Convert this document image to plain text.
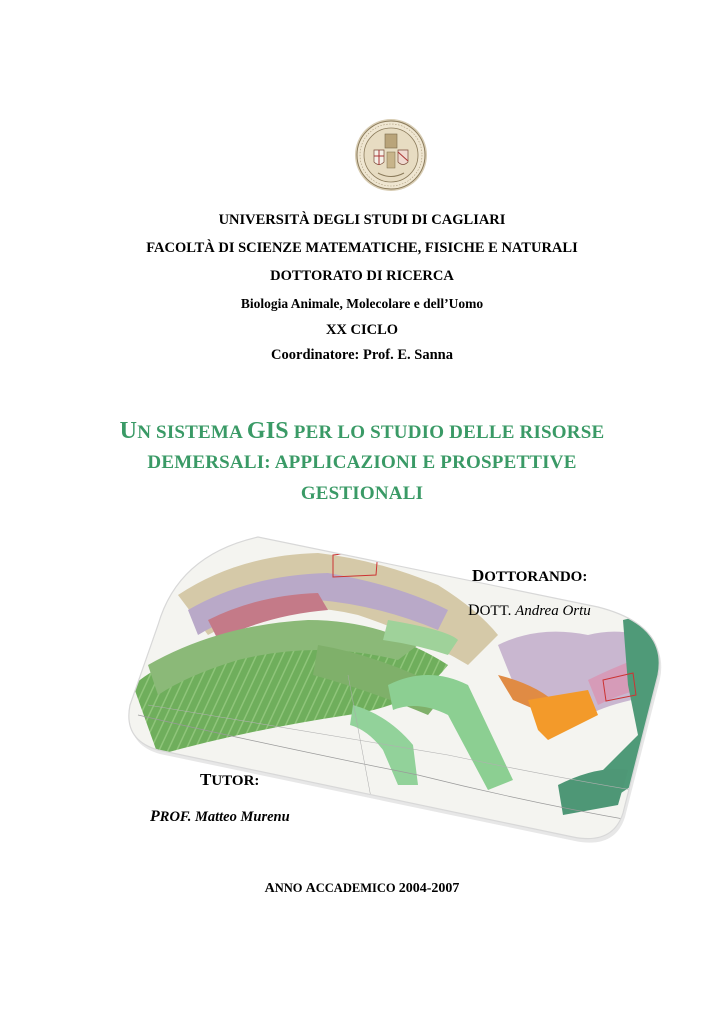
UNIVERSITÀ DEGLI STUDI DI CAGLIARI
FACOLTÀ DI SCIENZE MATEMATICHE, FISICHE E NATURALI
DOTTORATO DI RICERCA
Biologia Animale, Molecolare e dell’Uomo
XX CICLO
Coordinatore: Prof. E. Sanna
UN SISTEMA GIS PER LO STUDIO DELLE RISORSE
DEMERSALI: APPLICAZIONI E PROSPETTIVE
GESTIONALI
DOTTORANDO:
DOTT. Andrea Ortu
TUTOR:
PROF. Matteo Murenu
ANNO ACCADEMICO 2004-2007
